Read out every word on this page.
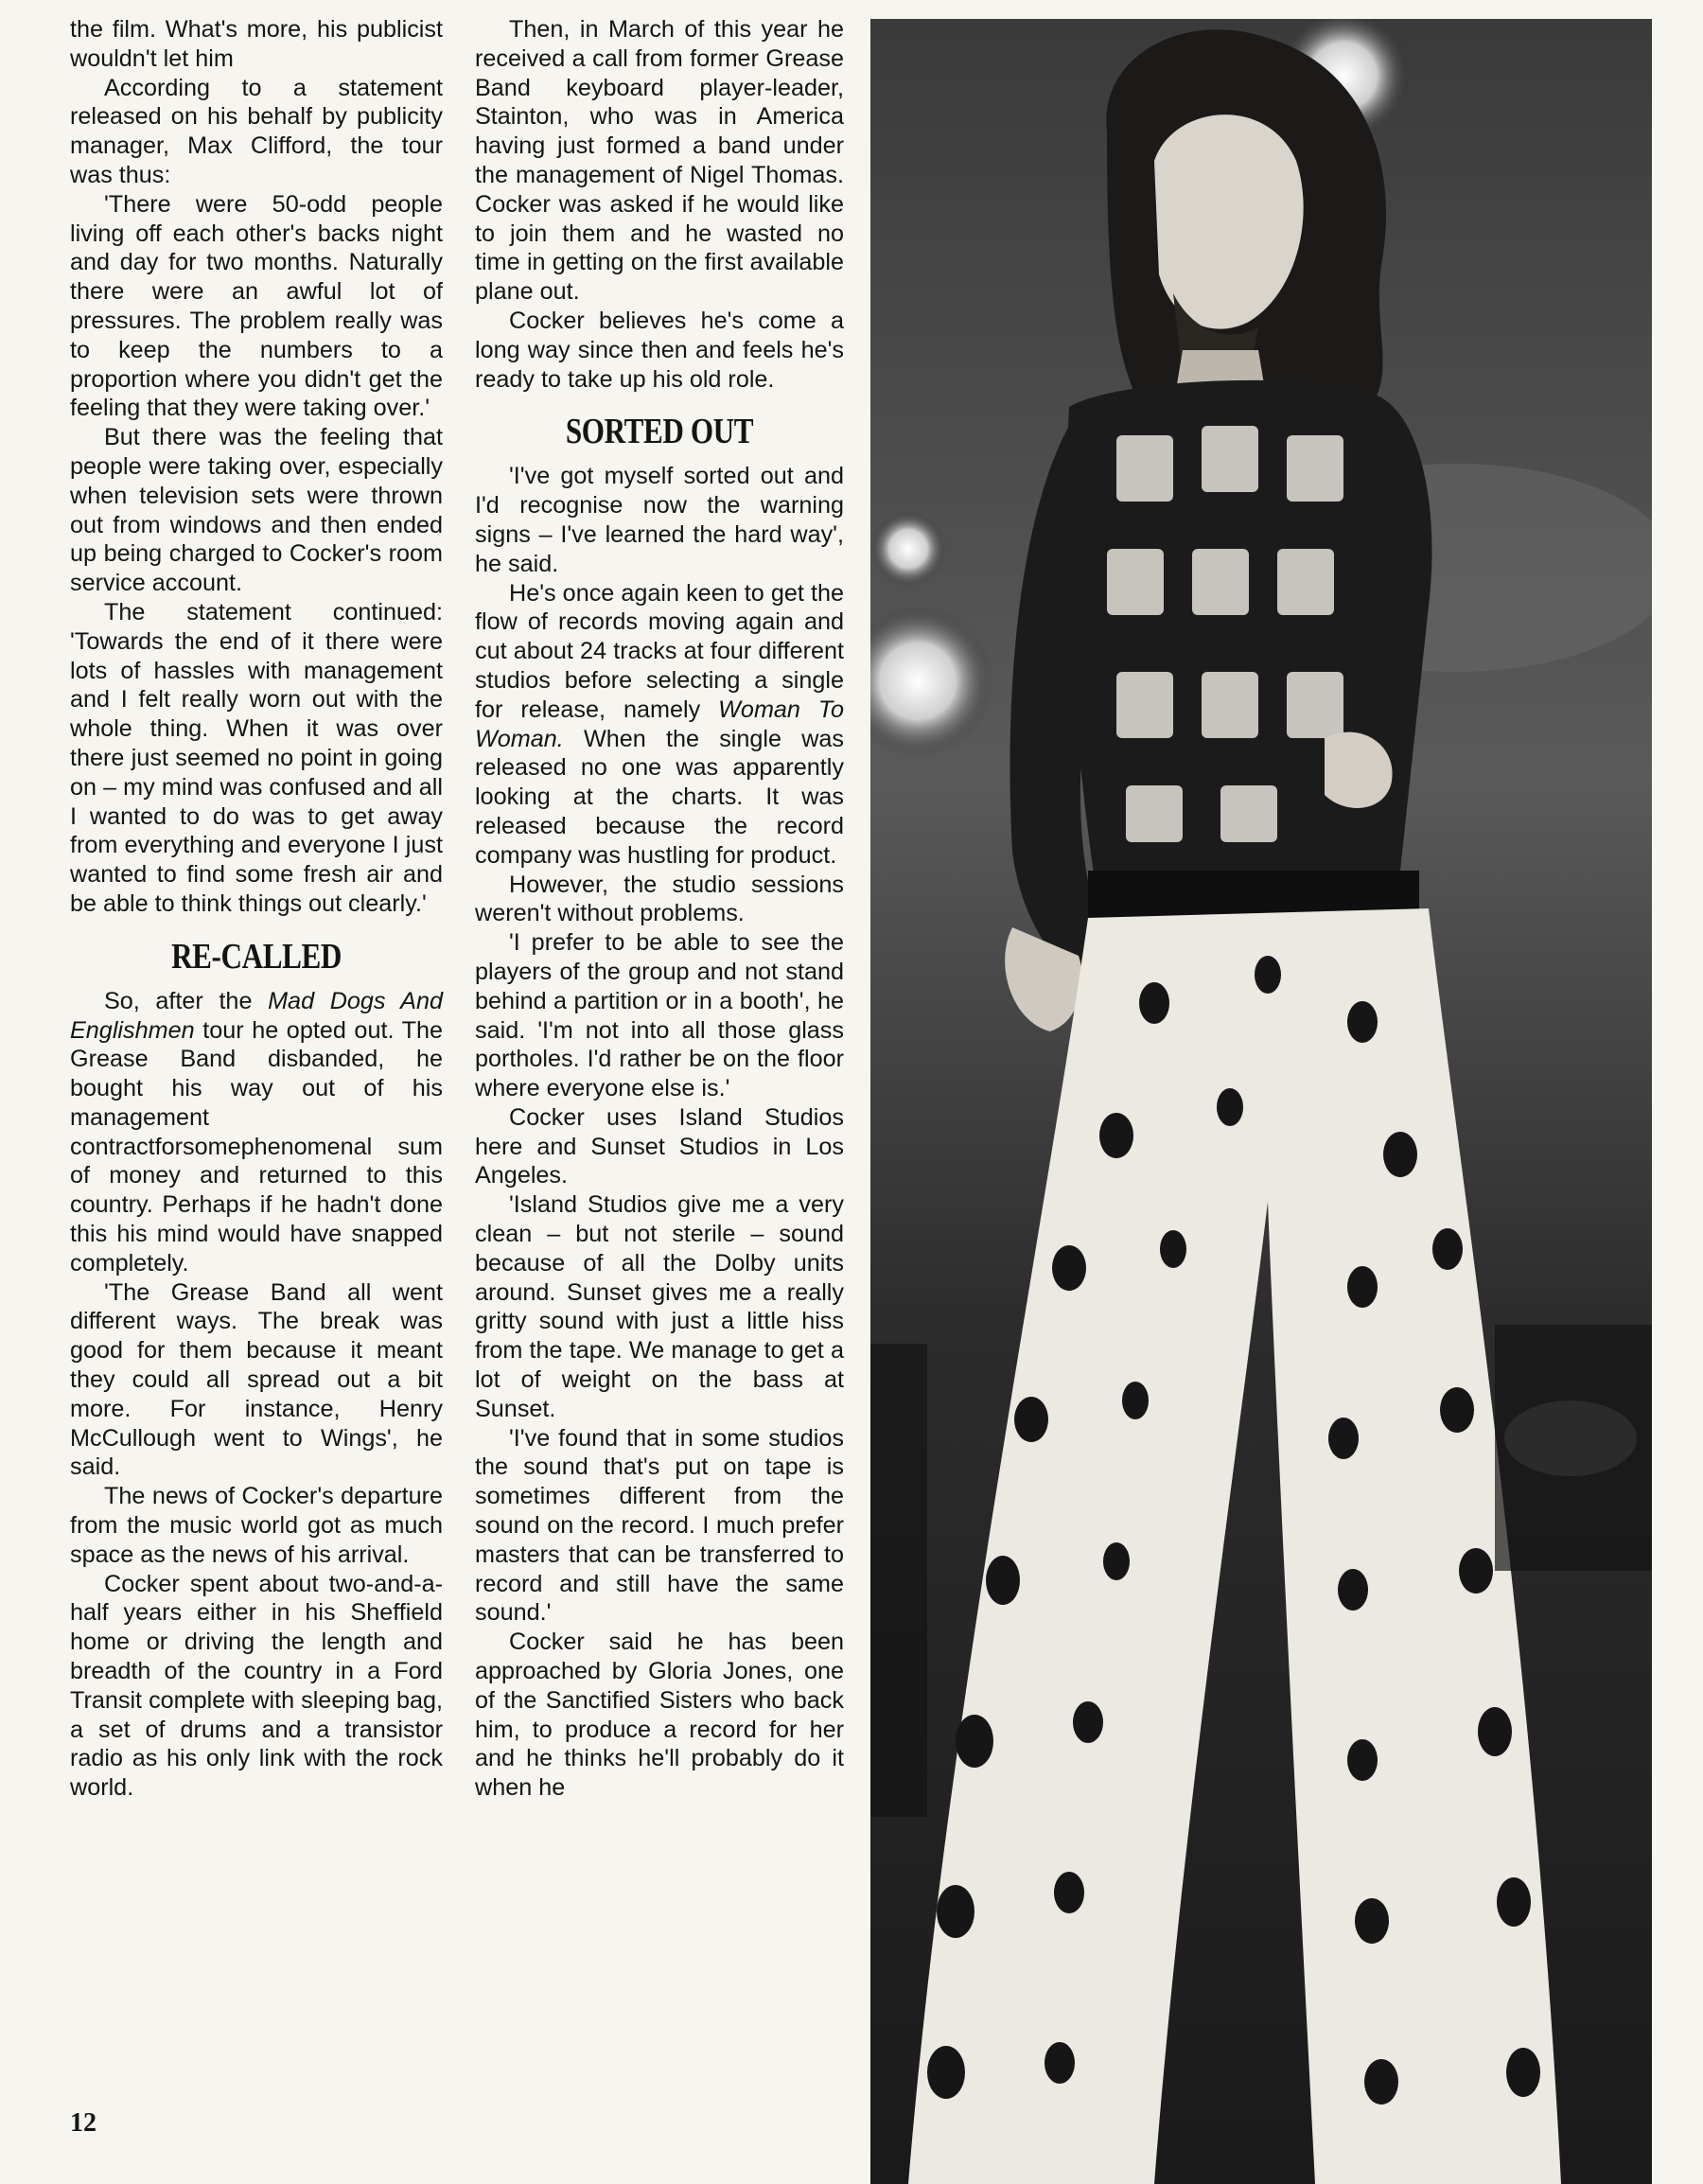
the film. What's more, his publicist wouldn't let him

According to a statement released on his behalf by publicity manager, Max Clifford, the tour was thus:

'There were 50-odd people living off each other's backs night and day for two months. Naturally there were an awful lot of pressures. The problem really was to keep the numbers to a proportion where you didn't get the feeling that they were taking over.'

But there was the feeling that people were taking over, especially when television sets were thrown out from windows and then ended up being charged to Cocker's room service account.

The statement continued: 'Towards the end of it there were lots of hassles with management and I felt really worn out with the whole thing. When it was over there just seemed no point in going on – my mind was confused and all I wanted to do was to get away from everything and everyone I just wanted to find some fresh air and be able to think things out clearly.'

RE-CALLED

So, after the Mad Dogs And Englishmen tour he opted out. The Grease Band disbanded, he bought his way out of his management contractforsomephenomenal sum of money and returned to this country. Perhaps if he hadn't done this his mind would have snapped completely.

'The Grease Band all went different ways. The break was good for them because it meant they could all spread out a bit more. For instance, Henry McCullough went to Wings', he said.

The news of Cocker's departure from the music world got as much space as the news of his arrival.

Cocker spent about two-and-a-half years either in his Sheffield home or driving the length and breadth of the country in a Ford Transit complete with sleeping bag, a set of drums and a transistor radio as his only link with the rock world.

Then, in March of this year he received a call from former Grease Band keyboard player-leader, Stainton, who was in America having just formed a band under the management of Nigel Thomas. Cocker was asked if he would like to join them and he wasted no time in getting on the first available plane out.

Cocker believes he's come a long way since then and feels he's ready to take up his old role.

SORTED OUT

'I've got myself sorted out and I'd recognise now the warning signs – I've learned the hard way', he said.

He's once again keen to get the flow of records moving again and cut about 24 tracks at four different studios before selecting a single for release, namely Woman To Woman. When the single was released no one was apparently looking at the charts. It was released because the record company was hustling for product.

However, the studio sessions weren't without problems.

'I prefer to be able to see the players of the group and not stand behind a partition or in a booth', he said. 'I'm not into all those glass portholes. I'd rather be on the floor where everyone else is.'

Cocker uses Island Studios here and Sunset Studios in Los Angeles.

'Island Studios give me a very clean – but not sterile – sound because of all the Dolby units around. Sunset gives me a really gritty sound with just a little hiss from the tape. We manage to get a lot of weight on the bass at Sunset.

'I've found that in some studios the sound that's put on tape is sometimes different from the sound on the record. I much prefer masters that can be transferred to record and still have the same sound.'

Cocker said he has been approached by Gloria Jones, one of the Sanctified Sisters who back him, to produce a record for her and he thinks he'll probably do it when he

12
